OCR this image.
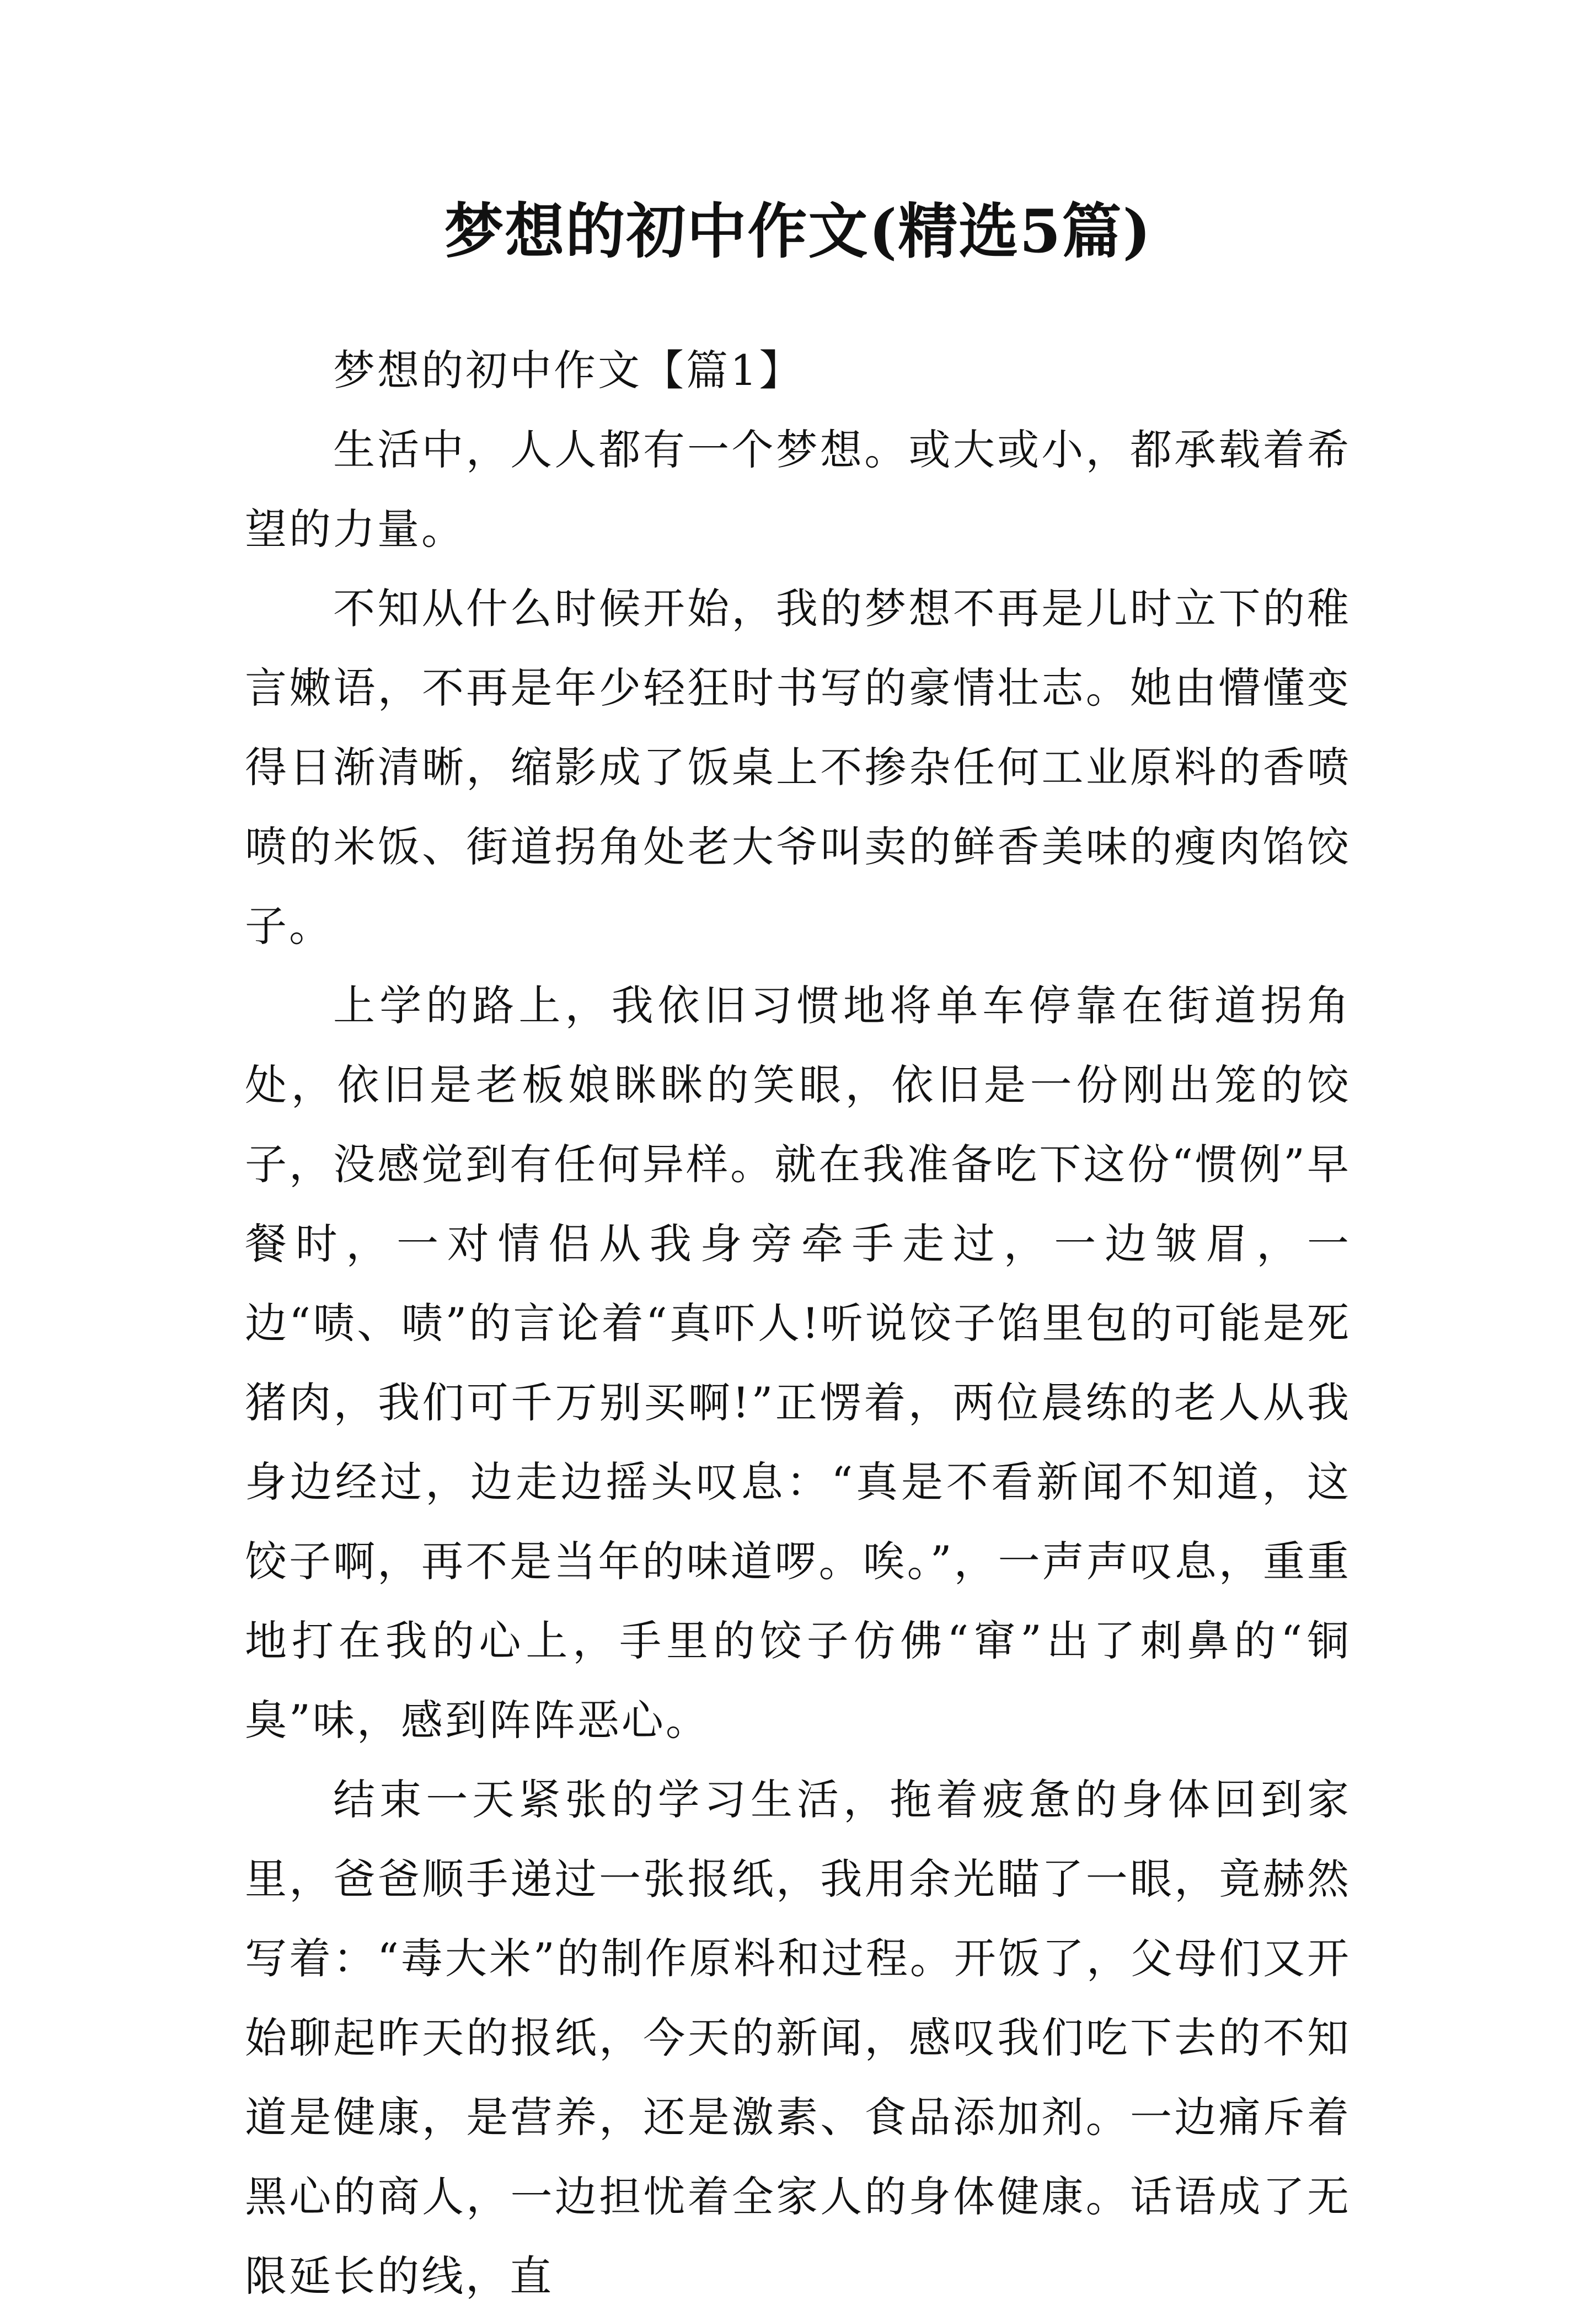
梦想的初中作文(精选5篇)

梦想的初中作文【篇1】

生活中，人人都有一个梦想。或大或小，都承载着希望的力量。

不知从什么时候开始，我的梦想不再是儿时立下的稚言嫩语，不再是年少轻狂时书写的豪情壮志。她由懵懂变得日渐清晰，缩影成了饭桌上不掺杂任何工业原料的香喷喷的米饭、街道拐角处老大爷叫卖的鲜香美味的瘦肉馅饺子。

上学的路上，我依旧习惯地将单车停靠在街道拐角处，依旧是老板娘眯眯的笑眼，依旧是一份刚出笼的饺子，没感觉到有任何异样。就在我准备吃下这份“惯例”早餐时，一对情侣从我身旁牵手走过，一边皱眉，一边“啧、啧”的言论着“真吓人!听说饺子馅里包的可能是死猪肉，我们可千万别买啊!”正愣着，两位晨练的老人从我身边经过，边走边摇头叹息：“真是不看新闻不知道，这饺子啊，再不是当年的味道啰。唉。”，一声声叹息，重重地打在我的心上，手里的饺子仿佛“窜”出了刺鼻的“铜臭”味，感到阵阵恶心。

结束一天紧张的学习生活，拖着疲惫的身体回到家里，爸爸顺手递过一张报纸，我用余光瞄了一眼，竟赫然写着：“毒大米”的制作原料和过程。开饭了，父母们又开始聊起昨天的报纸，今天的新闻，感叹我们吃下去的不知道是健康，是营养，还是激素、食品添加剂。一边痛斥着黑心的商人，一边担忧着全家人的身体健康。话语成了无限延长的线，直
